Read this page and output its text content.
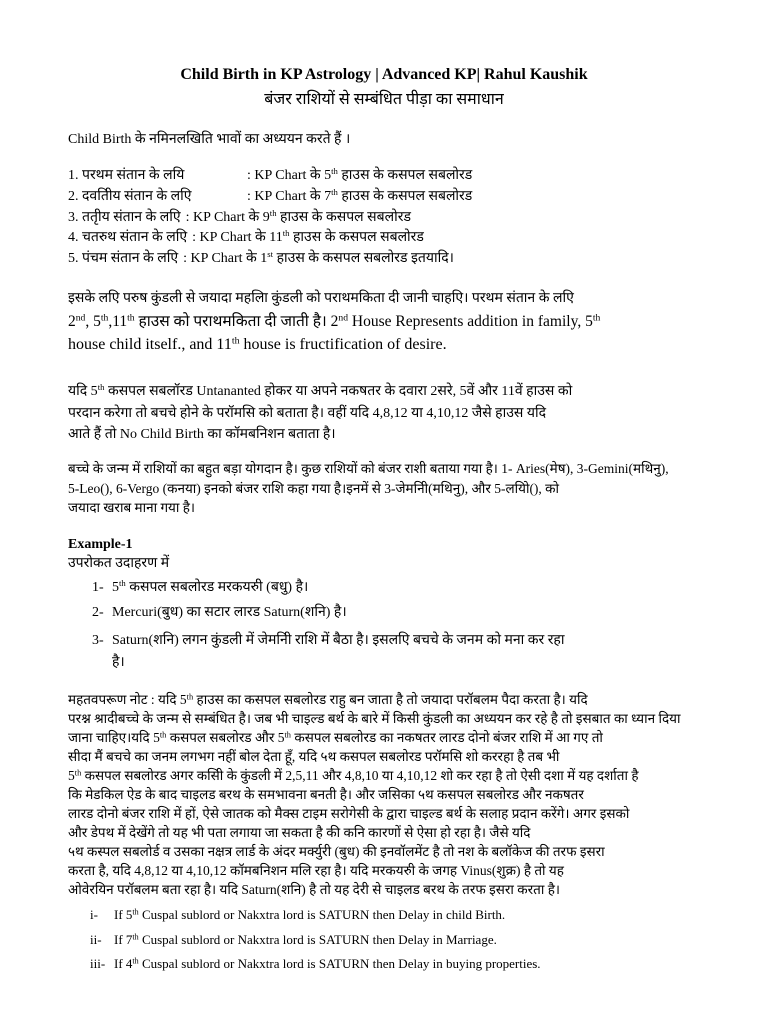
Child Birth in KP Astrology | Advanced KP| Rahul Kaushik
बंजर राशियों से सम्बंधित पीड़ा का समाधान
Child Birth के नमिनलखिति भावों का अध्ययन करते हैं ।
1. परथम संतान के लयि	: KP Chart के 5th हाउस के कसपल सबलोरड
2. दवतिीय संतान के लएि	: KP Chart के 7th हाउस के कसपल सबलोरड
3. ततृीय संतान के लएि : KP Chart के 9th हाउस के कसपल सबलोरड
4. चतरुथ संतान के लएि : KP Chart के 11th हाउस के कसपल सबलोरड
5. पंचम संतान के लएि : KP Chart के 1st हाउस के कसपल सबलोरड इतयादि।
इसके लएि परुष कुंडली से जयादा महलिा कुंडली को पराथमकिता दी जानी चाहएि। परथम संतान के लएि
2nd, 5th,11th हाउस को पराथमकिता दी जाती है। 2nd House Represents addition in family, 5th
house child itself., and 11th house is fructification of desire.
यदि 5th कसपल सबलॉरड Untananted होकर या अपने नकषतर के दवारा 2सरे, 5वें और 11वें हाउस को
परदान करेगा तो बचचे होने के परॉमसि को बताता है। वहीं यदि 4,8,12 या 4,10,12 जैसे हाउस यदि
आते हैं तो No Child Birth का कॉमबनिशन बताता है।
बच्चे के जन्म में राशियों का बहुत बड़ा योगदान है। कुछ राशियों को बंजर राशी बताया गया है। 1- Aries(मेष), 3-Gemini(मथिनु),
5-Leo(), 6-Vergo (कनया) इनको बंजर राशि कहा गया है।इनमें से 3-जेमनिी(मथिनु), और 5-लयिो(), को
जयादा खराब माना गया है।
Example-1
उपरोकत उदाहरण में
1- 5th कसपल सबलोरड मरकयरुी (बधु) है।
2- Mercuri(बुध) का सटार लारड Saturn(शनि) है।
3- Saturn(शनि) लगन कुंडली में जेमनिी राशि में बैठा है। इसलएि बचचे के जनम को मना कर रहा
है।
महतवपरूण नोट : यदि 5th हाउस का कसपल सबलोरड राहु बन जाता है तो जयादा परॉबलम पैदा करता है। यदि
परश्न श्रादीबच्चे के जन्म से सम्बंधित है। जब भी चाइल्ड बर्थ के बारे में किसी कुंडली का अध्ययन कर रहे है तो इसबात का ध्यान दिया
जाना चाहिए।यदि 5th कसपल सबलोरड और 5th कसपल सबलोरड का नकषतर लारड दोनो बंजर राशि में आ गए तो
सीदा मैं बचचे का जनम लगभग नहीं बोल देता हूँ, यदि ५थ कसपल सबलोरड परॉमसि शो कररहा है तब भी
5th कसपल सबलोरड अगर कसिी के कुंडली में 2,5,11 और 4,8,10 या 4,10,12 शो कर रहा है तो ऐसी दशा में यह दर्शाता है
कि मेडकिल ऐड के बाद चाइलड बरथ के समभावना बनती है। और जसिका ५थ कसपल सबलोरड और नकषतर
लारड दोनो बंजर राशि में हों, ऐसे जातक को मैक्स टाइम सरोगेसी के द्वारा चाइल्ड बर्थ के सलाह प्रदान करेंगे। अगर इसको
और डेपथ में देखेंगे तो यह भी पता लगाया जा सकता है की कनि कारणों से ऐसा हो रहा है। जैसे यदि
५थ कस्पल सबलोर्ड व उसका नक्षत्र लार्ड के अंदर मर्क्युरी (बुध) की इनवॉलमेंट है तो नश के बलॉकेज की तरफ इसरा
करता है, यदि 4,8,12 या 4,10,12 कॉमबनिशन मलि रहा है। यदि मरकयरुी के जगह Vinus(शुक्र) है तो यह
ओवेरयिन परॉबलम बता रहा है। यदि Saturn(शनि) है तो यह देरी से चाइलड बरथ के तरफ इसरा करता है।
i- If 5th Cuspal sublord or Nakxtra lord is SATURN then Delay in child Birth.
ii- If 7th Cuspal sublord or Nakxtra lord is SATURN then Delay in Marriage.
iii- If 4th Cuspal sublord or Nakxtra lord is SATURN then Delay in buying properties.
